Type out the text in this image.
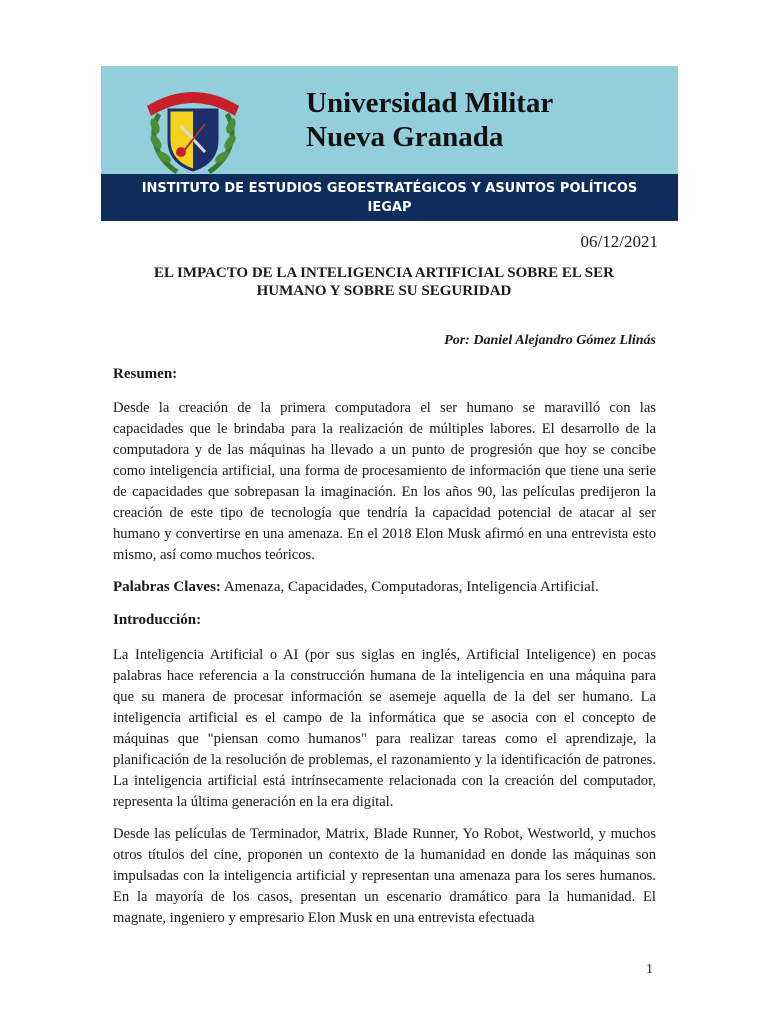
Universidad Militar
Nueva Granada
INSTITUTO DE ESTUDIOS GEOESTRATÉGICOS Y ASUNTOS POLÍTICOS
IEGAP
06/12/2021
EL IMPACTO DE LA INTELIGENCIA ARTIFICIAL SOBRE EL SER
HUMANO Y SOBRE SU SEGURIDAD
Por: Daniel Alejandro Gómez Llinás
Resumen:
Desde la creación de la primera computadora el ser humano se maravilló con las capacidades que le brindaba para la realización de múltiples labores. El desarrollo de la computadora y de las máquinas ha llevado a un punto de progresión que hoy se concibe como inteligencia artificial, una forma de procesamiento de información que tiene una serie de capacidades que sobrepasan la imaginación. En los años 90, las películas predijeron la creación de este tipo de tecnología que tendría la capacidad potencial de atacar al ser humano y convertirse en una amenaza. En el 2018 Elon Musk afirmó en una entrevista esto mismo, así como muchos teóricos.
Palabras Claves: Amenaza, Capacidades, Computadoras, Inteligencia Artificial.
Introducción:
La Inteligencia Artificial o AI (por sus siglas en inglés, Artificial Inteligence) en pocas palabras hace referencia a la construcción humana de la inteligencia en una máquina para que su manera de procesar información se asemeje aquella de la del ser humano. La inteligencia artificial es el campo de la informática que se asocia con el concepto de máquinas que "piensan como humanos" para realizar tareas como el aprendizaje, la planificación de la resolución de problemas, el razonamiento y la identificación de patrones. La inteligencia artificial está intrínsecamente relacionada con la creación del computador, representa la última generación en la era digital.
Desde las películas de Terminador, Matrix, Blade Runner, Yo Robot, Westworld, y muchos otros títulos del cine, proponen un contexto de la humanidad en donde las máquinas son impulsadas con la inteligencia artificial y representan una amenaza para los seres humanos. En la mayoría de los casos, presentan un escenario dramático para la humanidad. El magnate, ingeniero y empresario Elon Musk en una entrevista efectuada
1
